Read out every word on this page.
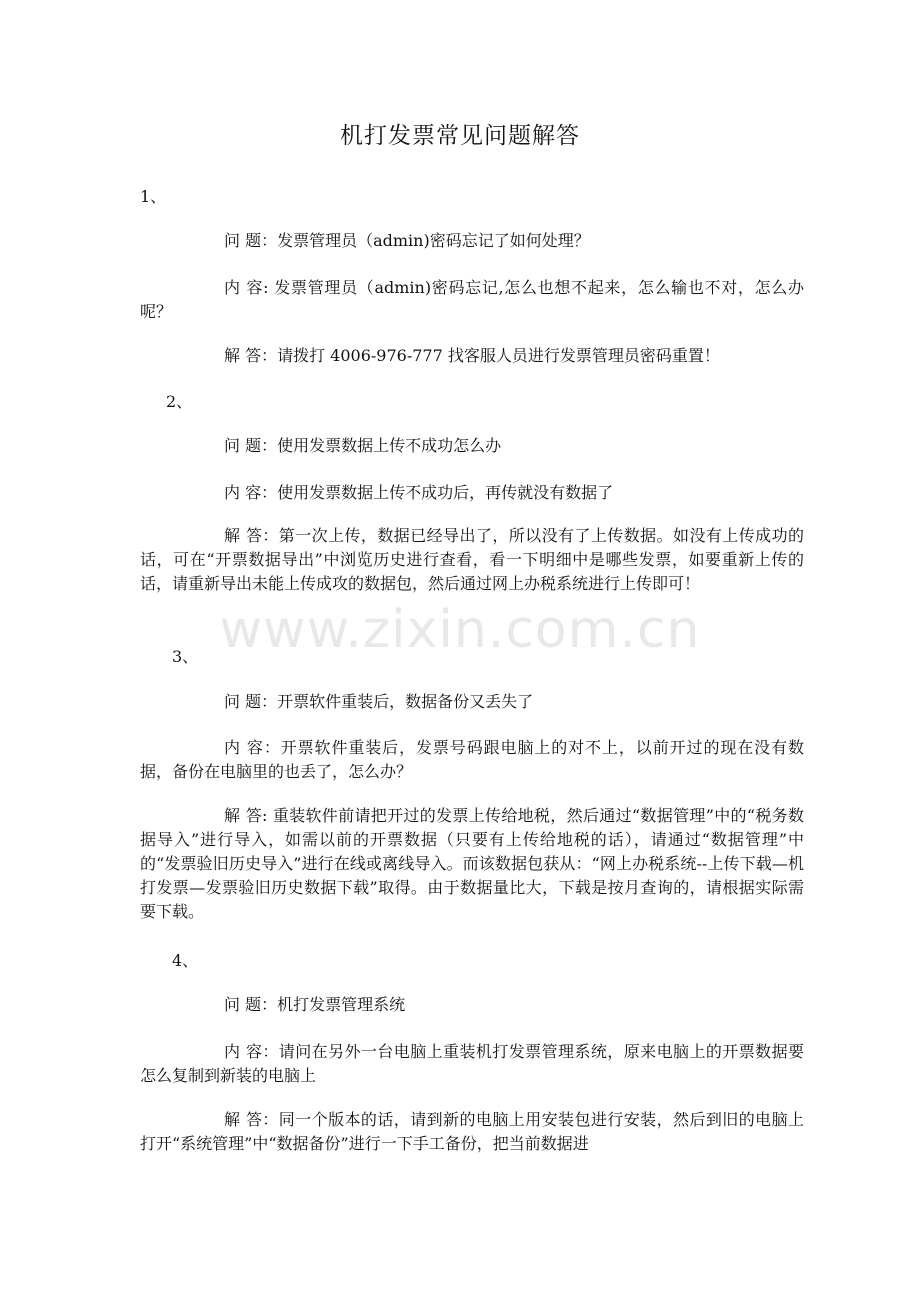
机打发票常见问题解答
www.zixin.com.cn
1、

问 题：发票管理员（admin)密码忘记了如何处理？

内 容: 发票管理员（admin)密码忘记,怎么也想不起来，怎么输也不对，怎么办呢？

解 答：请拨打 4006-976-777 找客服人员进行发票管理员密码重置！

2、

问 题：使用发票数据上传不成功怎么办

内 容：使用发票数据上传不成功后，再传就没有数据了

解 答：第一次上传，数据已经导出了，所以没有了上传数据。如没有上传成功的话，可在“开票数据导出”中浏览历史进行查看，看一下明细中是哪些发票，如要重新上传的话，请重新导出未能上传成攻的数据包，然后通过网上办税系统进行上传即可！

3、

问 题：开票软件重装后，数据备份又丢失了

内 容：开票软件重装后，发票号码跟电脑上的对不上，以前开过的现在没有数据，备份在电脑里的也丢了，怎么办？

解 答: 重装软件前请把开过的发票上传给地税，然后通过“数据管理”中的“税务数据导入”进行导入，如需以前的开票数据（只要有上传给地税的话），请通过“数据管理”中的“发票验旧历史导入”进行在线或离线导入。而该数据包获从：“网上办税系统--上传下载—机打发票—发票验旧历史数据下载”取得。由于数据量比大，下载是按月查询的，请根据实际需要下载。

4、

问 题：机打发票管理系统

内 容：请问在另外一台电脑上重装机打发票管理系统，原来电脑上的开票数据要怎么复制到新装的电脑上

解 答：同一个版本的话，请到新的电脑上用安装包进行安装，然后到旧的电脑上打开“系统管理”中“数据备份”进行一下手工备份，把当前数据进
